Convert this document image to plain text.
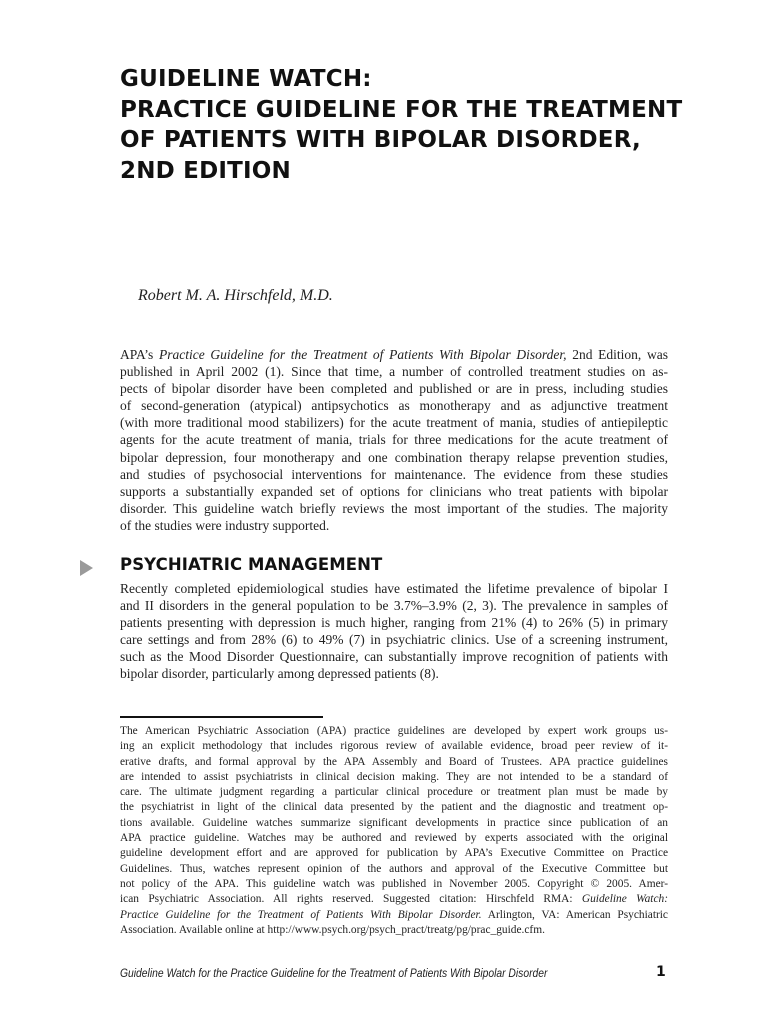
GUIDELINE WATCH:
PRACTICE GUIDELINE FOR THE TREATMENT
OF PATIENTS WITH BIPOLAR DISORDER,
2ND EDITION
Robert M. A. Hirschfeld, M.D.
APA’s Practice Guideline for the Treatment of Patients With Bipolar Disorder, 2nd Edition, was
published in April 2002 (1). Since that time, a number of controlled treatment studies on as-
pects of bipolar disorder have been completed and published or are in press, including studies
of second-generation (atypical) antipsychotics as monotherapy and as adjunctive treatment
(with more traditional mood stabilizers) for the acute treatment of mania, studies of antiepileptic
agents for the acute treatment of mania, trials for three medications for the acute treatment of
bipolar depression, four monotherapy and one combination therapy relapse prevention studies,
and studies of psychosocial interventions for maintenance. The evidence from these studies
supports a substantially expanded set of options for clinicians who treat patients with bipolar
disorder. This guideline watch briefly reviews the most important of the studies. The majority
of the studies were industry supported.
PSYCHIATRIC MANAGEMENT
Recently completed epidemiological studies have estimated the lifetime prevalence of bipolar I
and II disorders in the general population to be 3.7%–3.9% (2, 3). The prevalence in samples of
patients presenting with depression is much higher, ranging from 21% (4) to 26% (5) in primary
care settings and from 28% (6) to 49% (7) in psychiatric clinics. Use of a screening instrument,
such as the Mood Disorder Questionnaire, can substantially improve recognition of patients with
bipolar disorder, particularly among depressed patients (8).
The American Psychiatric Association (APA) practice guidelines are developed by expert work groups us-
ing an explicit methodology that includes rigorous review of available evidence, broad peer review of it-
erative drafts, and formal approval by the APA Assembly and Board of Trustees. APA practice guidelines
are intended to assist psychiatrists in clinical decision making. They are not intended to be a standard of
care. The ultimate judgment regarding a particular clinical procedure or treatment plan must be made by
the psychiatrist in light of the clinical data presented by the patient and the diagnostic and treatment op-
tions available. Guideline watches summarize significant developments in practice since publication of an
APA practice guideline. Watches may be authored and reviewed by experts associated with the original
guideline development effort and are approved for publication by APA’s Executive Committee on Practice
Guidelines. Thus, watches represent opinion of the authors and approval of the Executive Committee but
not policy of the APA. This guideline watch was published in November 2005. Copyright © 2005. Amer-
ican Psychiatric Association. All rights reserved. Suggested citation: Hirschfeld RMA: Guideline Watch:
Practice Guideline for the Treatment of Patients With Bipolar Disorder. Arlington, VA: American Psychiatric
Association. Available online at http://www.psych.org/psych_pract/treatg/pg/prac_guide.cfm.
Guideline Watch for the Practice Guideline for the Treatment of Patients With Bipolar Disorder	1
